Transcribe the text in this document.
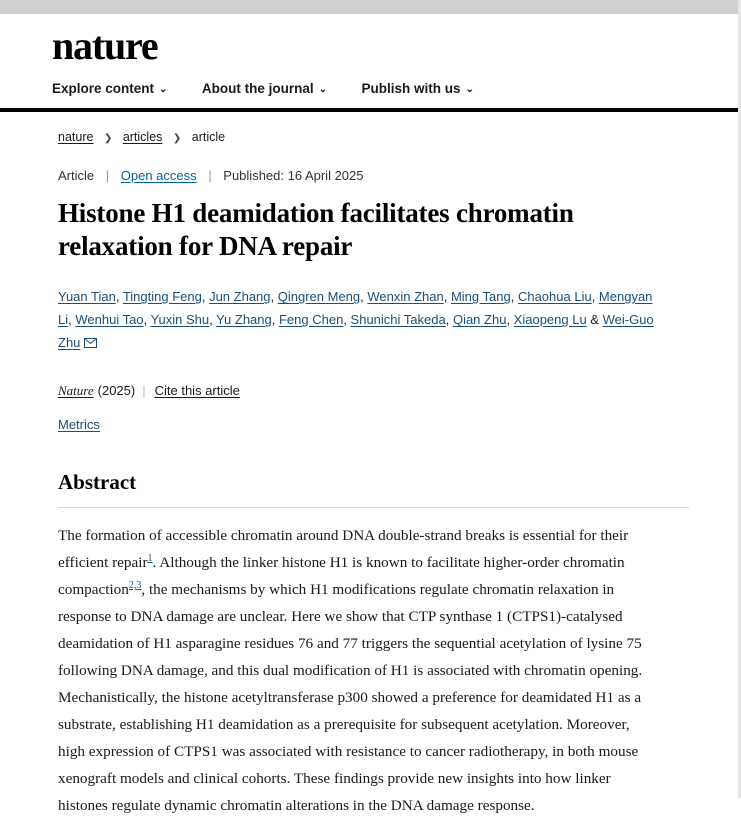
nature
Explore content ⌄	About the journal ⌄	Publish with us ⌄
nature ❯ articles ❯ article
Article | Open access | Published: 16 April 2025
Histone H1 deamidation facilitates chromatin relaxation for DNA repair
Yuan Tian, Tingting Feng, Jun Zhang, Qingren Meng, Wenxin Zhan, Ming Tang, Chaohua Liu, Mengyan Li, Wenhui Tao, Yuxin Shu, Yu Zhang, Feng Chen, Shunichi Takeda, Qian Zhu, Xiaopeng Lu & Wei-Guo Zhu
Nature (2025) | Cite this article
Metrics
Abstract
The formation of accessible chromatin around DNA double-strand breaks is essential for their efficient repair$^1$. Although the linker histone H1 is known to facilitate higher-order chromatin compaction$^{2,3}$, the mechanisms by which H1 modifications regulate chromatin relaxation in response to DNA damage are unclear. Here we show that CTP synthase 1 (CTPS1)-catalysed deamidation of H1 asparagine residues 76 and 77 triggers the sequential acetylation of lysine 75 following DNA damage, and this dual modification of H1 is associated with chromatin opening. Mechanistically, the histone acetyltransferase p300 showed a preference for deamidated H1 as a substrate, establishing H1 deamidation as a prerequisite for subsequent acetylation. Moreover, high expression of CTPS1 was associated with resistance to cancer radiotherapy, in both mouse xenograft models and clinical cohorts. These findings provide new insights into how linker histones regulate dynamic chromatin alterations in the DNA damage response.
